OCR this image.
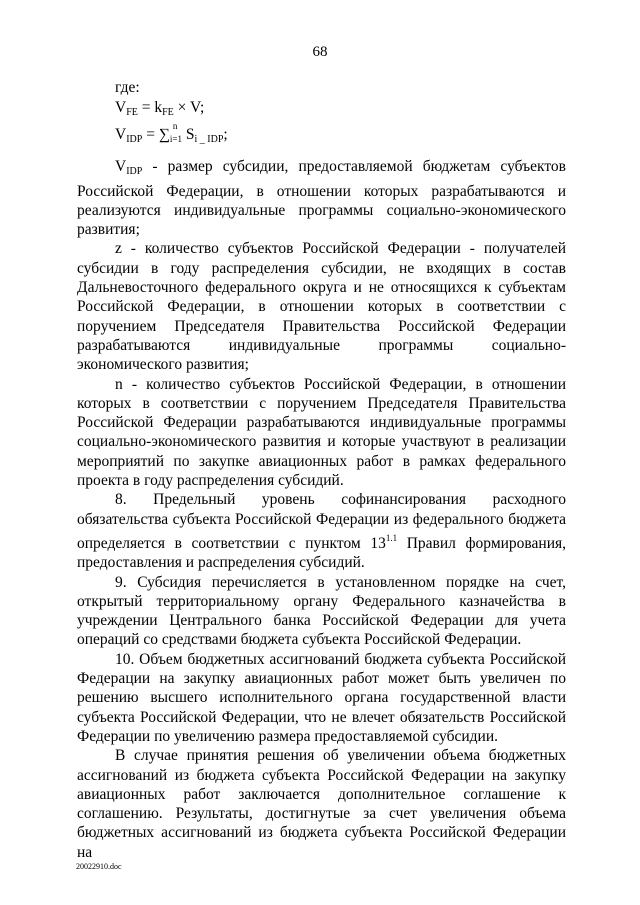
68

где:

$V_{FE} = k_{FE} \times V$;
$V_{IDP}$ = ∑ n
i=1 $S_{i \_ IDP}$;

VIDP - размер субсидии, предоставляемой бюджетам субъектов Российской Федерации, в отношении которых разрабатываются и реализуются индивидуальные программы социально-экономического развития;

z - количество субъектов Российской Федерации - получателей субсидии в году распределения субсидии, не входящих в состав Дальневосточного федерального округа и не относящихся к субъектам Российской Федерации, в отношении которых в соответствии с поручением Председателя Правительства Российской Федерации разрабатываются индивидуальные программы социально-экономического развития;

n - количество субъектов Российской Федерации, в отношении которых в соответствии с поручением Председателя Правительства Российской Федерации разрабатываются индивидуальные программы социально-экономического развития и которые участвуют в реализации мероприятий по закупке авиационных работ в рамках федерального проекта в году распределения субсидий.

8. Предельный уровень софинансирования расходного обязательства субъекта Российской Федерации из федерального бюджета определяется в соответствии с пунктом 13$^{1.1}$ Правил формирования, предоставления и распределения субсидий.

9. Субсидия перечисляется в установленном порядке на счет, открытый территориальному органу Федерального казначейства в учреждении Центрального банка Российской Федерации для учета операций со средствами бюджета субъекта Российской Федерации.

10. Объем бюджетных ассигнований бюджета субъекта Российской Федерации на закупку авиационных работ может быть увеличен по решению высшего исполнительного органа государственной власти субъекта Российской Федерации, что не влечет обязательств Российской Федерации по увеличению размера предоставляемой субсидии.

В случае принятия решения об увеличении объема бюджетных ассигнований из бюджета субъекта Российской Федерации на закупку авиационных работ заключается дополнительное соглашение к соглашению. Результаты, достигнутые за счет увеличения объема бюджетных ассигнований из бюджета субъекта Российской Федерации на

20022910.doc
